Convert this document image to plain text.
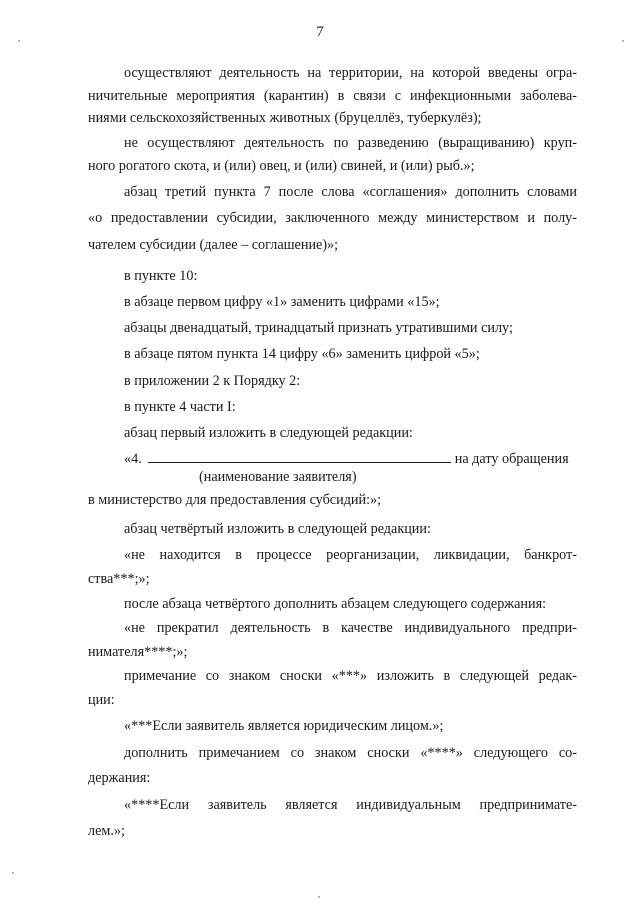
7
осуществляют деятельность на территории, на которой введены огра-
ничительные мероприятия (карантин) в связи с инфекционными заболева-
ниями сельскохозяйственных животных (бруцеллёз, туберкулёз);
не осуществляют деятельность по разведению (выращиванию) круп-
ного рогатого скота, и (или) овец, и (или) свиней, и (или) рыб.»;
абзац третий пункта 7 после слова «соглашения» дополнить словами
«о предоставлении субсидии, заключенного между министерством и полу-
чателем субсидии (далее – соглашение)»;
в пункте 10:
в абзаце первом цифру «1» заменить цифрами «15»;
абзацы двенадцатый, тринадцатый признать утратившими силу;
в абзаце пятом пункта 14 цифру «6» заменить цифрой «5»;
в приложении 2 к Порядку 2:
в пункте 4 части I:
абзац первый изложить в следующей редакции:
«4.	на дату обращения
(наименование заявителя)
в министерство для предоставления субсидий:»;
абзац четвёртый изложить в следующей редакции:
«не находится в процессе реорганизации, ликвидации, банкрот-
ства***;»;
после абзаца четвёртого дополнить абзацем следующего содержания:
«не прекратил деятельность в качестве индивидуального предпри-
нимателя****;»;
примечание со знаком сноски «***» изложить в следующей редак-
ции:
«***Если заявитель является юридическим лицом.»;
дополнить примечанием со знаком сноски «****» следующего со-
держания:
«****Если заявитель является индивидуальным предпринимате-
лем.»;
